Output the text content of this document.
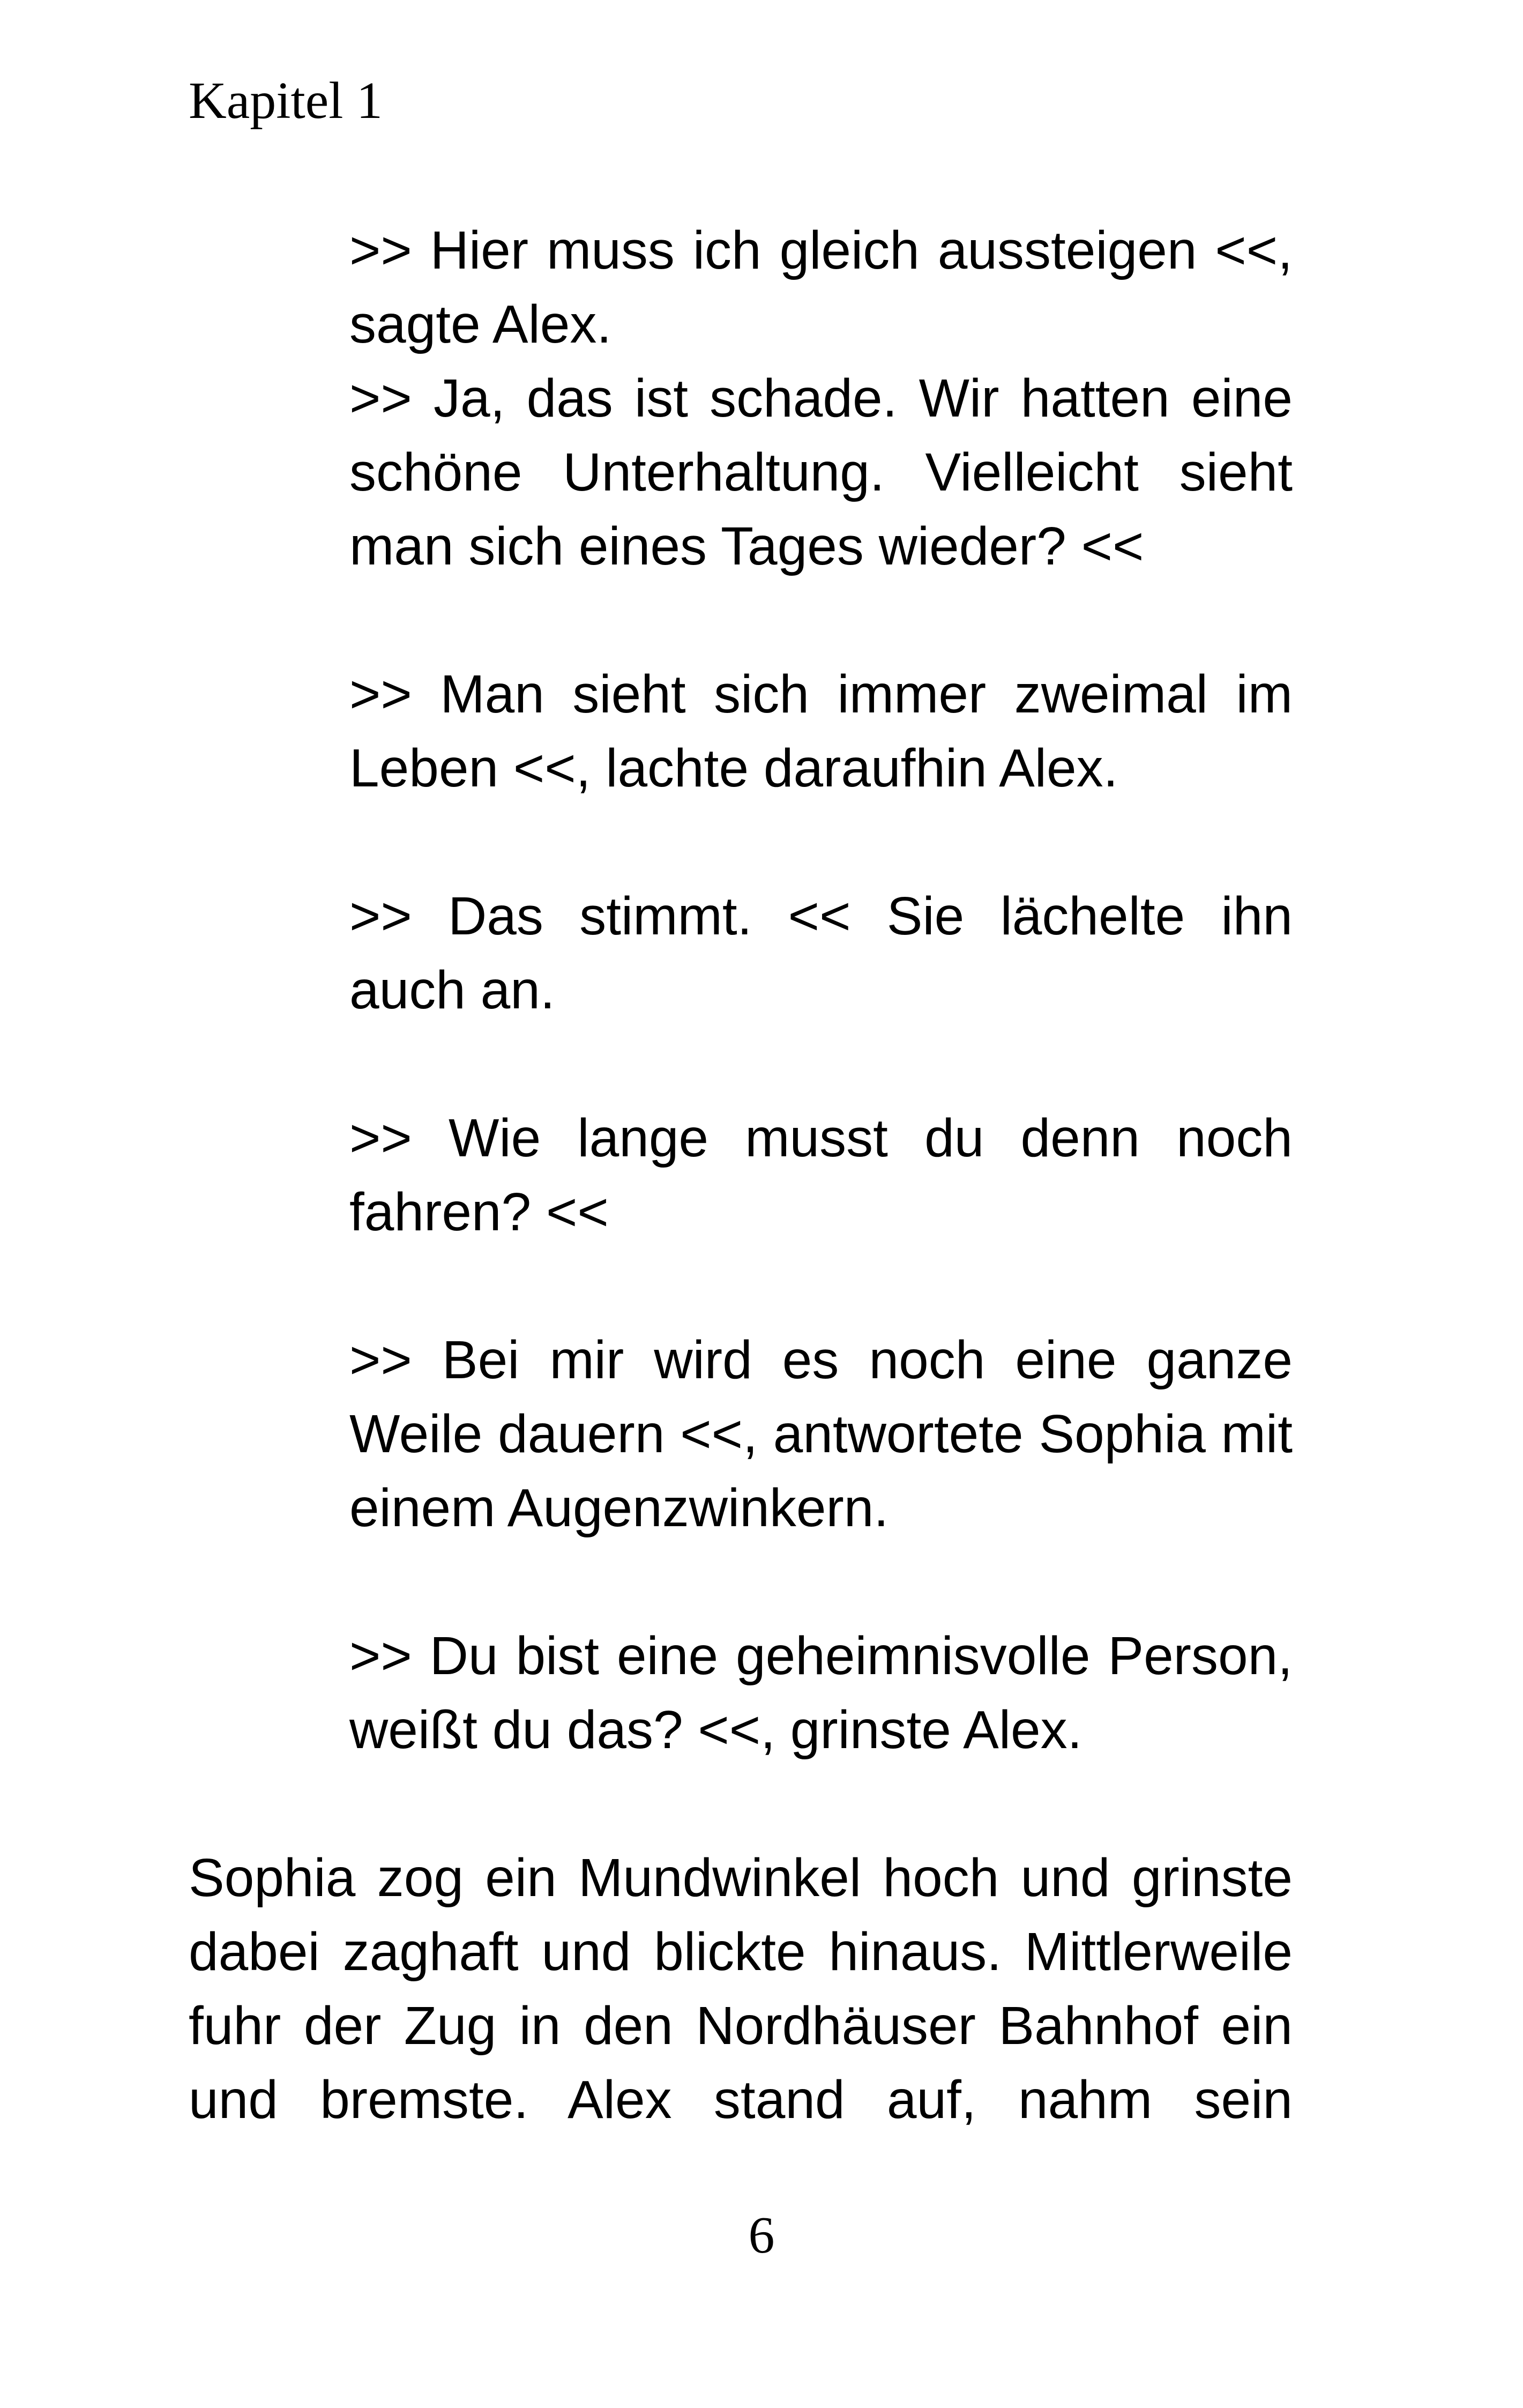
Kapitel 1

>> Hier muss ich gleich aussteigen <<, sagte Alex.

>> Ja, das ist schade. Wir hatten eine schöne Unterhaltung. Vielleicht sieht man sich eines Tages wieder? <<

>> Man sieht sich immer zweimal im Leben <<, lachte daraufhin Alex.

>> Das stimmt. << Sie lächelte ihn auch an.

>> Wie lange musst du denn noch fahren? <<

>> Bei mir wird es noch eine ganze Weile dauern <<, antwortete Sophia mit einem Augenzwinkern.

>> Du bist eine geheimnisvolle Person, weißt du das? <<, grinste Alex.

Sophia zog ein Mundwinkel hoch und grinste dabei zaghaft und blickte hinaus. Mittlerweile fuhr der Zug in den Nordhäuser Bahnhof ein und bremste. Alex stand auf, nahm sein

6
